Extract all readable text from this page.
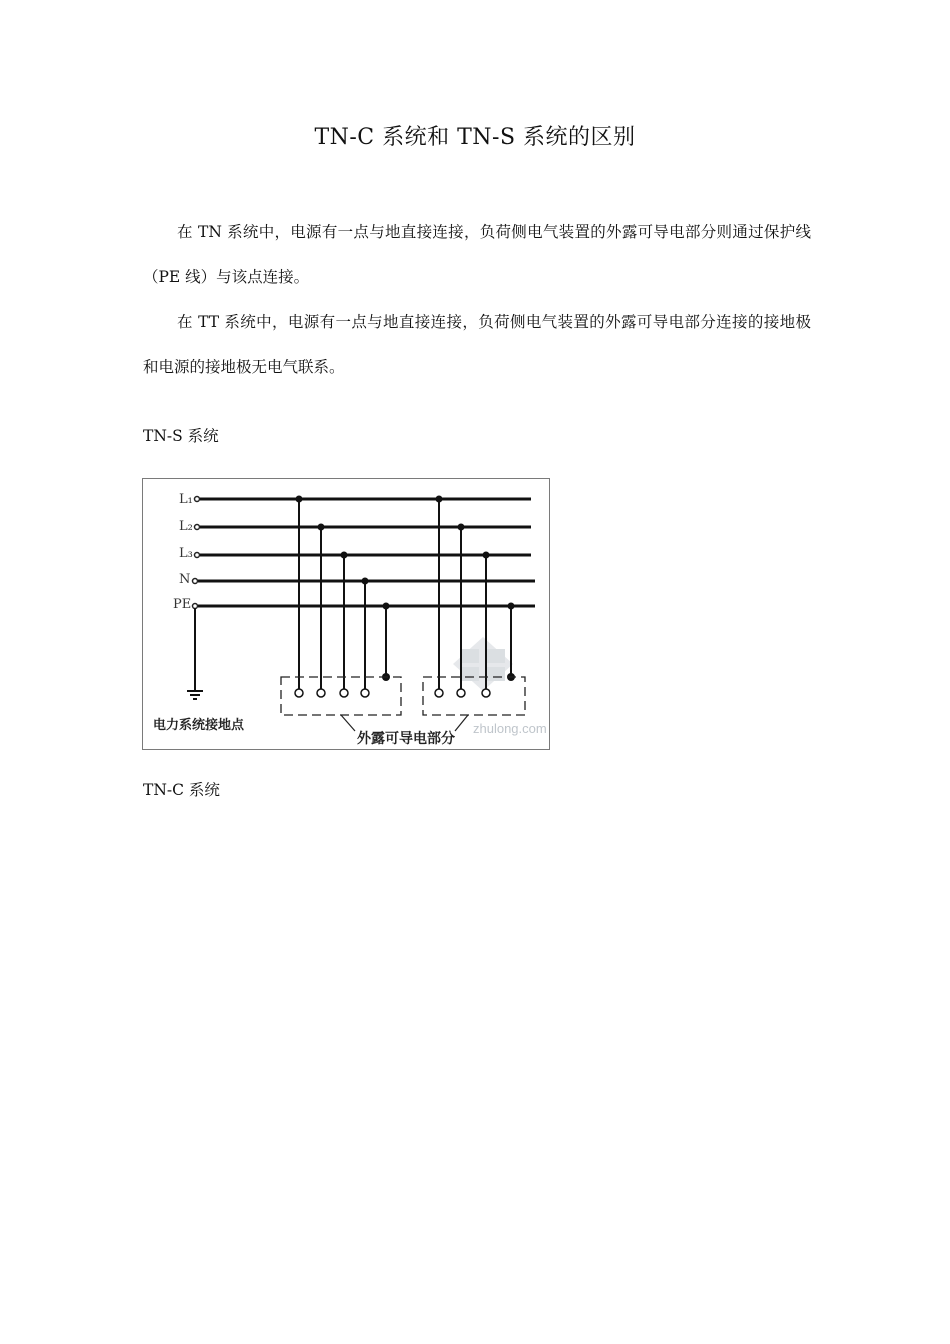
TN-C 系统和 TN-S 系统的区别

在 TN 系统中，电源有一点与地直接连接，负荷侧电气装置的外露可导电部分则通过保护线（PE 线）与该点连接。

在 TT 系统中，电源有一点与地直接连接，负荷侧电气装置的外露可导电部分连接的接地极和电源的接地极无电气联系。

TN-S 系统
zhulong.com
L₁
L₂
L₃
N
PE
电力系统接地点
外露可导电部分
TN-C 系统
